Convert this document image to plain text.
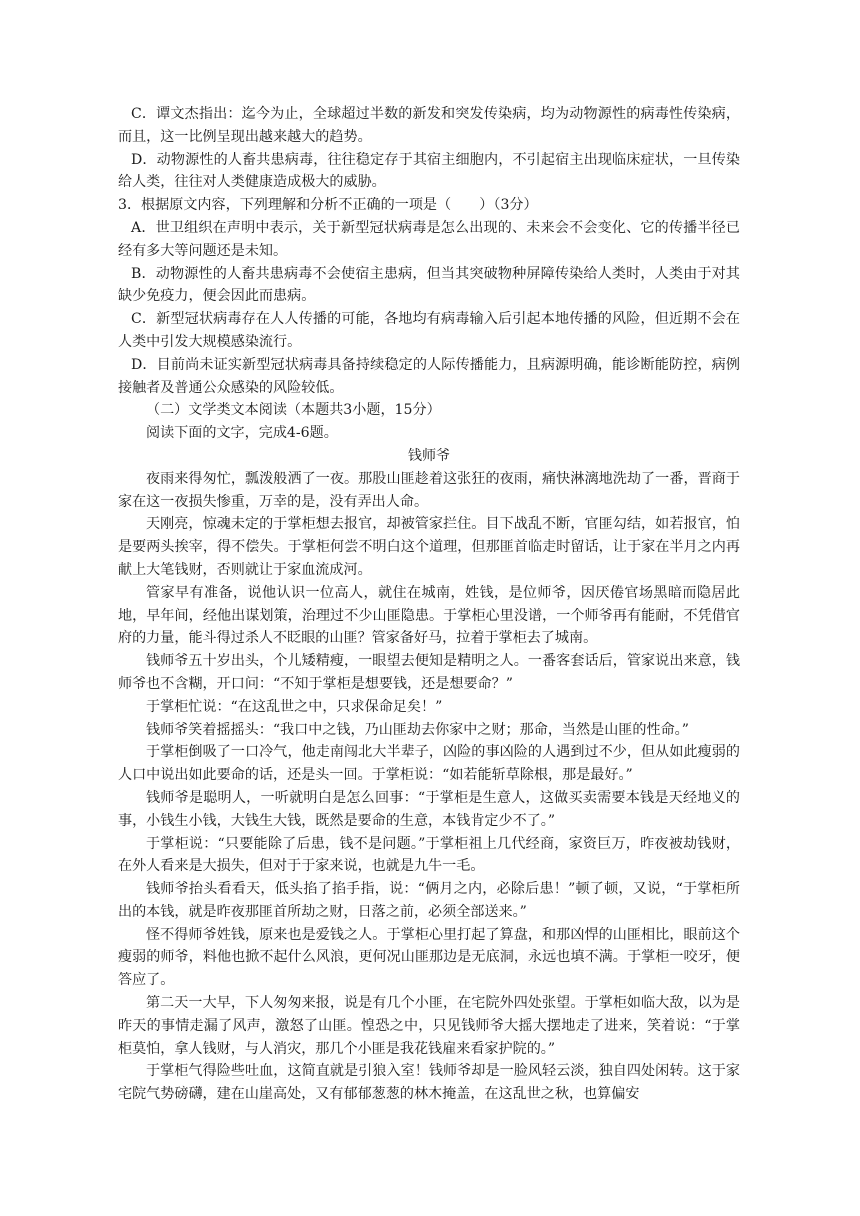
C．谭文杰指出：迄今为止，全球超过半数的新发和突发传染病，均为动物源性的病毒性传染病，而且，这一比例呈现出越来越大的趋势。

D．动物源性的人畜共患病毒，往往稳定存于其宿主细胞内，不引起宿主出现临床症状，一旦传染给人类，往往对人类健康造成极大的威胁。

3．根据原文内容，下列理解和分析不正确的一项是（　　）（3分）

A．世卫组织在声明中表示，关于新型冠状病毒是怎么出现的、未来会不会变化、它的传播半径已经有多大等问题还是未知。

B．动物源性的人畜共患病毒不会使宿主患病，但当其突破物种屏障传染给人类时，人类由于对其缺少免疫力，便会因此而患病。

C．新型冠状病毒存在人人传播的可能，各地均有病毒输入后引起本地传播的风险，但近期不会在人类中引发大规模感染流行。

D．目前尚未证实新型冠状病毒具备持续稳定的人际传播能力，且病源明确，能诊断能防控，病例接触者及普通公众感染的风险较低。

（二）文学类文本阅读（本题共3小题，15分）

阅读下面的文字，完成4-6题。

钱师爷

夜雨来得匆忙，瓢泼般洒了一夜。那股山匪趁着这张狂的夜雨，痛快淋漓地洗劫了一番，晋商于家在这一夜损失惨重，万幸的是，没有弄出人命。

天刚亮，惊魂未定的于掌柜想去报官，却被管家拦住。目下战乱不断，官匪勾结，如若报官，怕是要两头挨宰，得不偿失。于掌柜何尝不明白这个道理，但那匪首临走时留话，让于家在半月之内再献上大笔钱财，否则就让于家血流成河。

管家早有准备，说他认识一位高人，就住在城南，姓钱，是位师爷，因厌倦官场黑暗而隐居此地，早年间，经他出谋划策，治理过不少山匪隐患。于掌柜心里没谱，一个师爷再有能耐，不凭借官府的力量，能斗得过杀人不眨眼的山匪？管家备好马，拉着于掌柜去了城南。

钱师爷五十岁出头，个儿矮精瘦，一眼望去便知是精明之人。一番客套话后，管家说出来意，钱师爷也不含糊，开口问：“不知于掌柜是想要钱，还是想要命？”

于掌柜忙说：“在这乱世之中，只求保命足矣！”

钱师爷笑着摇摇头：“我口中之钱，乃山匪劫去你家中之财；那命，当然是山匪的性命。”

于掌柜倒吸了一口冷气，他走南闯北大半辈子，凶险的事凶险的人遇到过不少，但从如此瘦弱的人口中说出如此要命的话，还是头一回。于掌柜说：“如若能斩草除根，那是最好。”

钱师爷是聪明人，一听就明白是怎么回事：“于掌柜是生意人，这做买卖需要本钱是天经地义的事，小钱生小钱，大钱生大钱，既然是要命的生意，本钱肯定少不了。”

于掌柜说：“只要能除了后患，钱不是问题。”于掌柜祖上几代经商，家资巨万，昨夜被劫钱财，在外人看来是大损失，但对于于家来说，也就是九牛一毛。

钱师爷抬头看看天，低头掐了掐手指，说：“俩月之内，必除后患！”顿了顿，又说，“于掌柜所出的本钱，就是昨夜那匪首所劫之财，日落之前，必须全部送来。”

怪不得师爷姓钱，原来也是爱钱之人。于掌柜心里打起了算盘，和那凶悍的山匪相比，眼前这个瘦弱的师爷，料他也掀不起什么风浪，更何况山匪那边是无底洞，永远也填不满。于掌柜一咬牙，便答应了。

第二天一大早，下人匆匆来报，说是有几个小匪，在宅院外四处张望。于掌柜如临大敌，以为是昨天的事情走漏了风声，激怒了山匪。惶恐之中，只见钱师爷大摇大摆地走了进来，笑着说：“于掌柜莫怕，拿人钱财，与人消灾，那几个小匪是我花钱雇来看家护院的。”

于掌柜气得险些吐血，这简直就是引狼入室！钱师爷却是一脸风轻云淡，独自四处闲转。这于家宅院气势磅礴，建在山崖高处，又有郁郁葱葱的林木掩盖，在这乱世之秋，也算偏安
